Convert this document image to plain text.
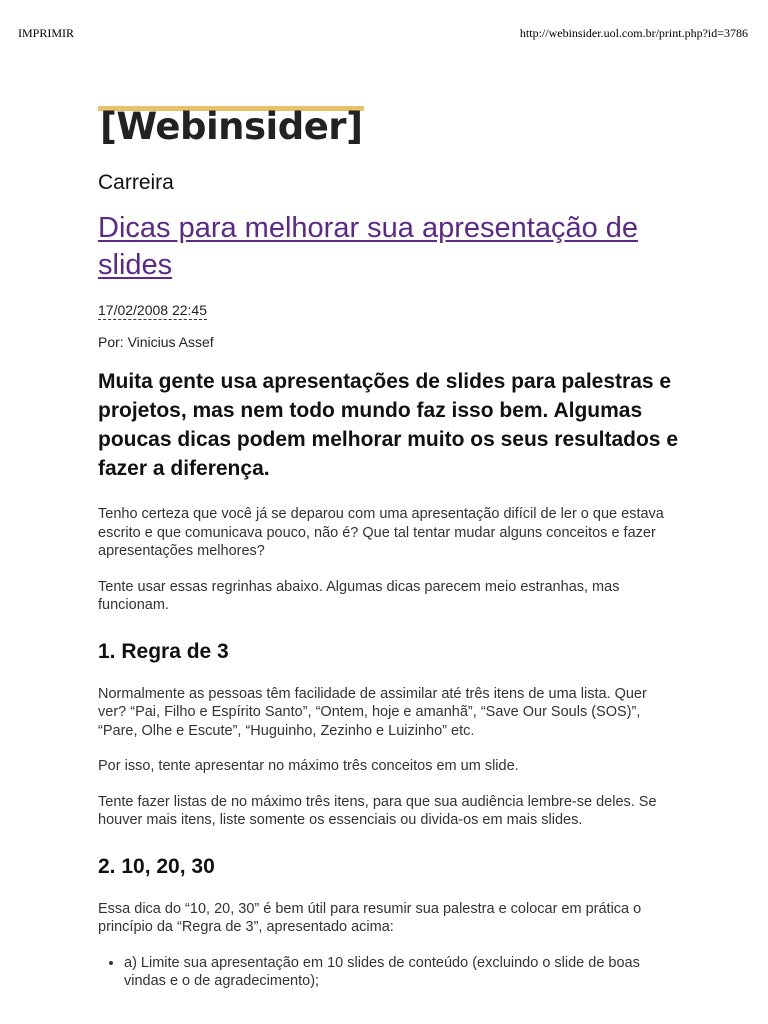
IMPRIMIR	http://webinsider.uol.com.br/print.php?id=3786
[Webinsider]
Carreira
Dicas para melhorar sua apresentação de slides
17/02/2008 22:45
Por: Vinicius Assef
Muita gente usa apresentações de slides para palestras e projetos, mas nem todo mundo faz isso bem. Algumas poucas dicas podem melhorar muito os seus resultados e fazer a diferença.

Tenho certeza que você já se deparou com uma apresentação difícil de ler o que estava escrito e que comunicava pouco, não é? Que tal tentar mudar alguns conceitos e fazer apresentações melhores?

Tente usar essas regrinhas abaixo. Algumas dicas parecem meio estranhas, mas funcionam.

1. Regra de 3

Normalmente as pessoas têm facilidade de assimilar até três itens de uma lista. Quer ver? “Pai, Filho e Espírito Santo”, “Ontem, hoje e amanhã”, “Save Our Souls (SOS)”, “Pare, Olhe e Escute”, “Huguinho, Zezinho e Luizinho” etc.

Por isso, tente apresentar no máximo três conceitos em um slide.

Tente fazer listas de no máximo três itens, para que sua audiência lembre-se deles. Se houver mais itens, liste somente os essenciais ou divida-os em mais slides.

2. 10, 20, 30

Essa dica do “10, 20, 30” é bem útil para resumir sua palestra e colocar em prática o princípio da “Regra de 3”, apresentado acima:

• a) Limite sua apresentação em 10 slides de conteúdo (excluindo o slide de boas vindas e o de agradecimento);
